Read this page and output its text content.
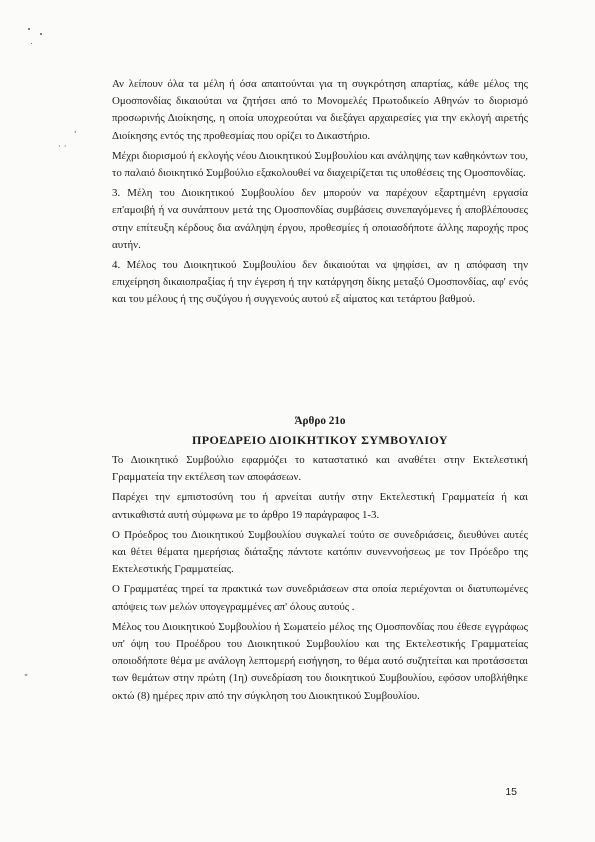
· ·
ʹ
ʺ

Αν λείπουν όλα τα μέλη ή όσα απαιτούνται για τη συγκρότηση απαρτίας, κάθε μέλος της Ομοσπονδίας δικαιούται να ζητήσει από το Μονομελές Πρωτοδικείο Αθηνών το διορισμό προσωρινής Διοίκησης, η οποία υποχρεούται να διεξάγει αρχαιρεσίες για την εκλογή αιρετής Διοίκησης εντός της προθεσμίας που ορίζει το Δικαστήριο.

Μέχρι διορισμού ή εκλογής νέου Διοικητικού Συμβουλίου και ανάληψης των καθηκόντων του, το παλαιό διοικητικό Συμβούλιο εξακολουθεί να διαχειρίζεται τις υποθέσεις της Ομοσπονδίας.

3. Μέλη του Διοικητικού Συμβουλίου δεν μπορούν να παρέχουν εξαρτημένη εργασία επ'αμοιβή ή να συνάπτουν μετά της Ομοσπονδίας συμβάσεις συνεπαγόμενες ή αποβλέπουσες στην επίτευξη κέρδους δια ανάληψη έργου, προθεσμίες ή οποιασδήποτε άλλης παροχής προς αυτήν.

4. Μέλος του Διοικητικού Συμβουλίου δεν δικαιούται να ψηφίσει, αν η απόφαση την επιχείρηση δικαιοπραξίας ή την έγερση ή την κατάργηση δίκης μεταξύ Ομοσπονδίας, αφ' ενός και του μέλους ή της συζύγου ή συγγενούς αυτού εξ αίματος και τετάρτου βαθμού.

Άρθρο 21ο
ΠΡΟΕΔΡΕΙΟ ΔΙΟΙΚΗΤΙΚΟΥ ΣΥΜΒΟΥΛΙΟΥ

Το Διοικητικό Συμβούλιο εφαρμόζει το καταστατικό και αναθέτει στην Εκτελεστική Γραμματεία την εκτέλεση των αποφάσεων.

Παρέχει την εμπιστοσύνη του ή αρνείται αυτήν στην Εκτελεστική Γραμματεία ή και αντικαθιστά αυτή σύμφωνα με το άρθρο 19 παράγραφος 1-3.

Ο Πρόεδρος του Διοικητικού Συμβουλίου συγκαλεί τούτο σε συνεδριάσεις, διευθύνει αυτές και θέτει θέματα ημερήσιας διάταξης πάντοτε κατόπιν συνεννοήσεως με τον Πρόεδρο της Εκτελεστικής Γραμματείας.

Ο Γραμματέας τηρεί τα πρακτικά των συνεδριάσεων στα οποία περιέχονται οι διατυπωμένες απόψεις των μελών υπογεγραμμένες απ' όλους αυτούς .

Μέλος του Διοικητικού Συμβουλίου ή Σωματείο μέλος της Ομοσπονδίας που έθεσε εγγράφως υπ' όψη του Προέδρου του Διοικητικού Συμβουλίου και της Εκτελεστικής Γραμματείας οποιοδήποτε θέμα με ανάλογη λεπτομερή εισήγηση, το θέμα αυτό συζητείται και προτάσσεται των θεμάτων στην πρώτη (1η) συνεδρίαση του διοικητικού Συμβουλίου, εφόσον υποβλήθηκε οκτώ (8) ημέρες πριν από την σύγκληση του Διοικητικού Συμβουλίου.

15
